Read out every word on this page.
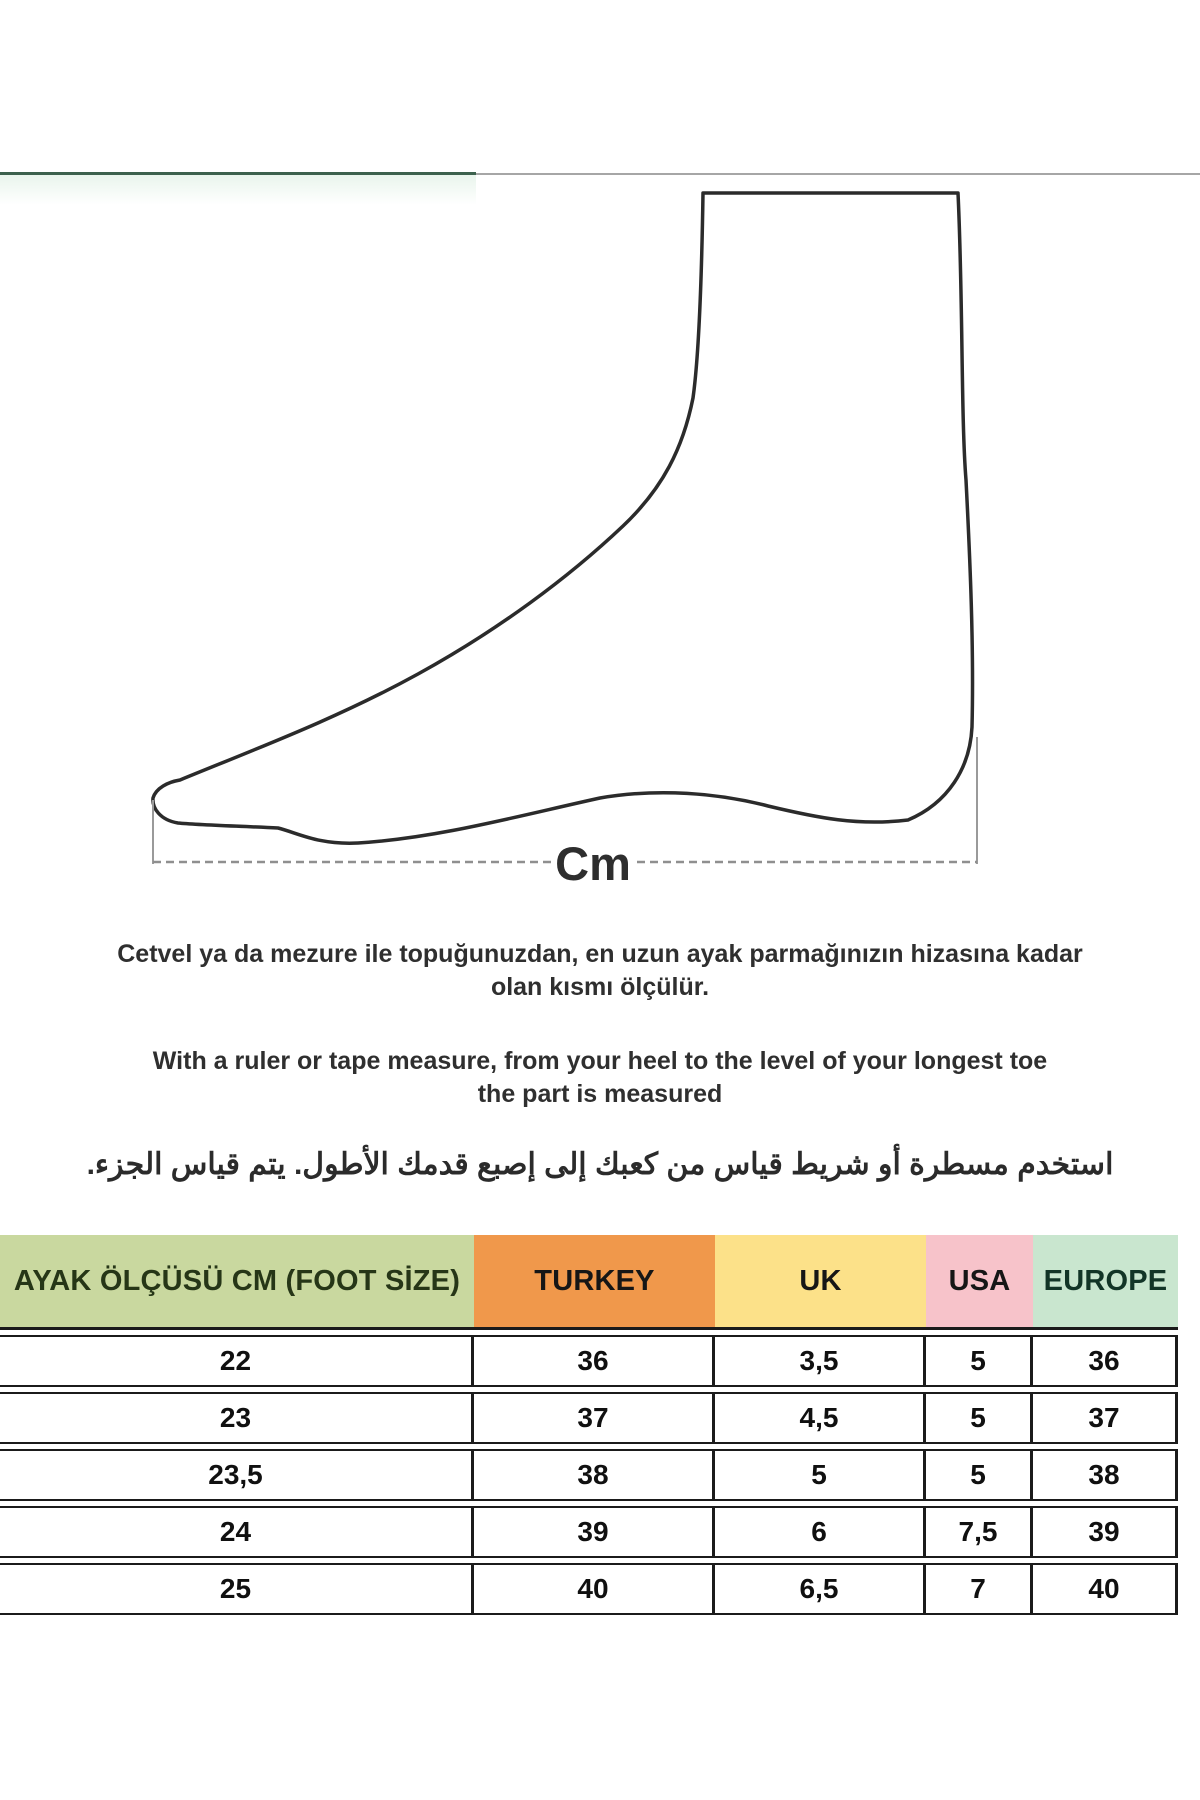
Cm
Cetvel ya da mezure ile topuğunuzdan, en uzun ayak parmağınızın hizasına kadar
olan kısmı ölçülür.
With a ruler or tape measure, from your heel to the level of your longest toe
the part is measured
استخدم مسطرة أو شريط قياس من كعبك إلى إصبع قدمك الأطول. يتم قياس الجزء.
AYAK ÖLÇÜSÜ CM (FOOT SİZE)	TURKEY	UK	USA	EUROPE
22	36	3,5	5	36
23	37	4,5	5	37
23,5	38	5	5	38
24	39	6	7,5	39
25	40	6,5	7	40
